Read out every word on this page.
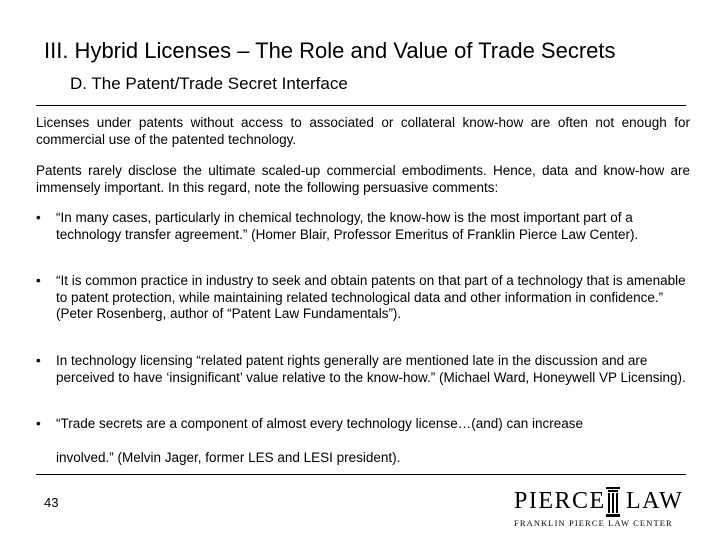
III. Hybrid Licenses – The Role and Value of Trade Secrets
D. The Patent/Trade Secret Interface
Licenses under patents without access to associated or collateral know-how are often not enough for commercial use of the patented technology.
Patents rarely disclose the ultimate scaled-up commercial embodiments. Hence, data and know-how are immensely important. In this regard, note the following persuasive comments:
•	“In many cases, particularly in chemical technology, the know-how is the most important part of a technology transfer agreement.” (Homer Blair, Professor Emeritus of Franklin Pierce Law Center).
•	“It is common practice in industry to seek and obtain patents on that part of a technology that is amenable to patent protection, while maintaining related technological data and other information in confidence.” (Peter Rosenberg, author of “Patent Law Fundamentals”).
•	In technology licensing “related patent rights generally are mentioned late in the discussion and are perceived to have ‘insignificant’ value relative to the know-how.” (Michael Ward, Honeywell VP Licensing).
•	“Trade secrets are a component of almost every technology license…(and) can increase
involved.” (Melvin Jager, former LES and LESI president).
43	PIERCE LAW
FRANKLIN PIERCE LAW CENTER
